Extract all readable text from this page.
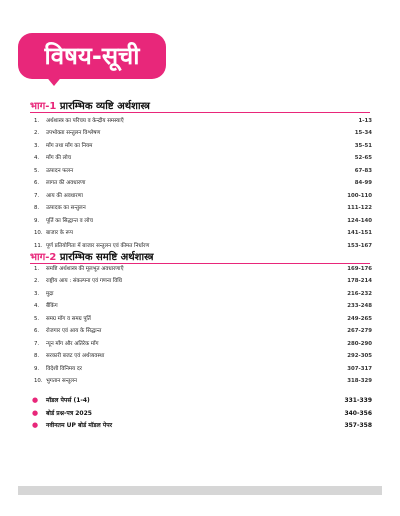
विषय-सूची
भाग-1 प्रारम्भिक व्यष्टि अर्थशास्त्र
1.	अर्थशास्त्र का परिचय व केन्द्रीय समस्याएँ	1-13
2.	उपभोक्ता सन्तुलन विश्लेषण	15-34
3.	माँग तथा माँग का नियम	35-51
4.	माँग की लोच	52-65
5.	उत्पादन फलन	67-83
6.	लागत की अवधारणा	84-99
7.	आय की अवधारणा	100-110
8.	उत्पादक का सन्तुलन	111-122
9.	पूर्ति का सिद्धान्त व लोच	124-140
10. बाजार के रूप	141-151
11. पूर्ण प्रतियोगिता में बाजार सन्तुलन एवं कीमत निर्धारण	153-167
भाग-2 प्रारम्भिक समष्टि अर्थशास्त्र
1.	समष्टि अर्थशास्त्र की मूलभूत अवधारणाएँ	169-176
2.	राष्ट्रीय आय : संकल्पना एवं गणना विधि	178-214
3.	मुद्रा	216-232
4.	बैंकिंग	233-248
5.	समग्र माँग व समग्र पूर्ति	249-265
6.	रोजगार एवं आय के सिद्धान्त	267-279
7.	न्यून माँग और अतिरेक माँग	280-290
8.	सरकारी बजट एवं अर्थव्यवस्था	292-305
9.	विदेशी विनिमय दर	307-317
10. भुगतान सन्तुलन	318-329
● मॉडल पेपर्स (1-4)	331-339
● बोर्ड प्रश्न-पत्र 2025	340-356
● नवीनतम UP बोर्ड मॉडल पेपर	357-358
